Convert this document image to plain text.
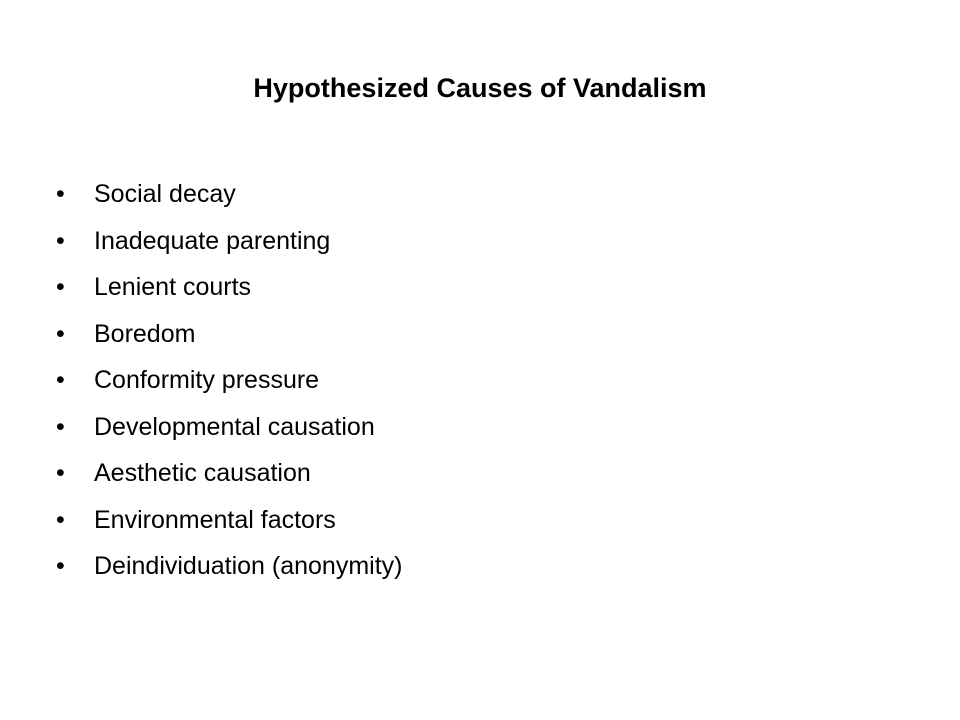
Hypothesized Causes of Vandalism
•	Social decay
•	Inadequate parenting
•	Lenient courts
•	Boredom
•	Conformity pressure
•	Developmental causation
•	Aesthetic causation
•	Environmental factors
•	Deindividuation (anonymity)
